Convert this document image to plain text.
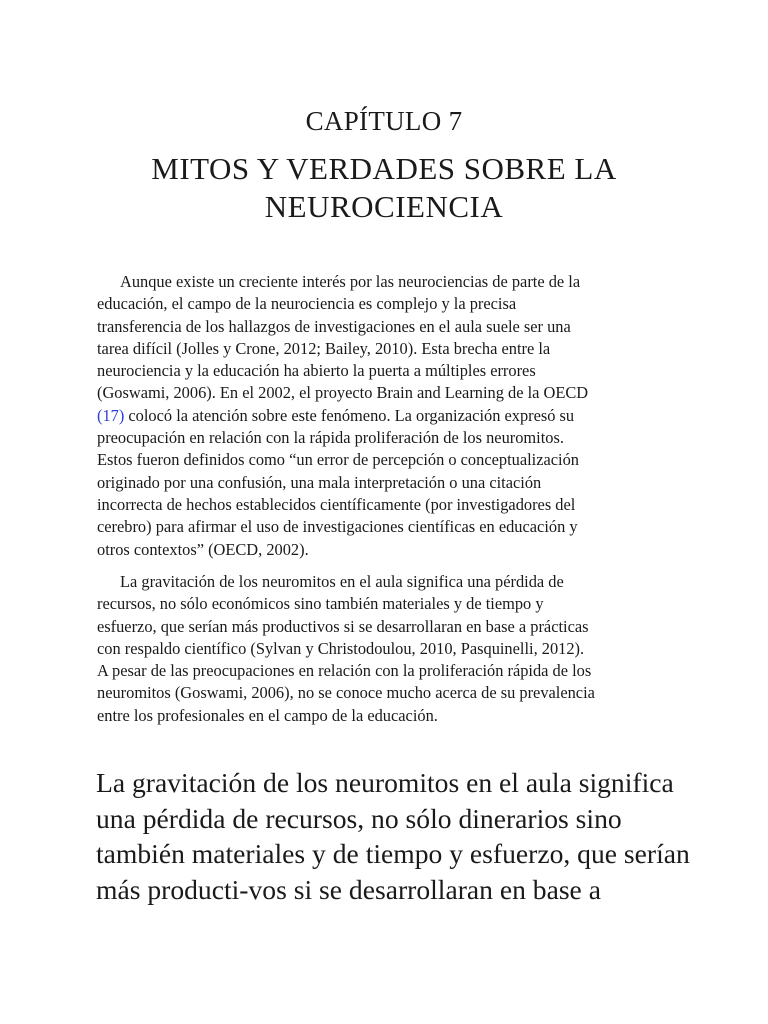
CAPÍTULO 7
MITOS Y VERDADES SOBRE LA
NEUROCIENCIA

Aunque existe un creciente interés por las neurociencias de parte de la
educación, el campo de la neurociencia es complejo y la precisa
transferencia de los hallazgos de investigaciones en el aula suele ser una
tarea difícil (Jolles y Crone, 2012; Bailey, 2010). Esta brecha entre la
neurociencia y la educación ha abierto la puerta a múltiples errores
(Goswami, 2006). En el 2002, el proyecto Brain and Learning de la OECD
(17) colocó la atención sobre este fenómeno. La organización expresó su
preocupación en relación con la rápida proliferación de los neuromitos.
Estos fueron definidos como “un error de percepción o conceptualización
originado por una confusión, una mala interpretación o una citación
incorrecta de hechos establecidos científicamente (por investigadores del
cerebro) para afirmar el uso de investigaciones científicas en educación y
otros contextos” (OECD, 2002).

La gravitación de los neuromitos en el aula significa una pérdida de
recursos, no sólo económicos sino también materiales y de tiempo y
esfuerzo, que serían más productivos si se desarrollaran en base a prácticas
con respaldo científico (Sylvan y Christodoulou, 2010, Pasquinelli, 2012).
A pesar de las preocupaciones en relación con la proliferación rápida de los
neuromitos (Goswami, 2006), no se conoce mucho acerca de su prevalencia
entre los profesionales en el campo de la educación.

La gravitación de los neuromitos en el aula significa
una pérdida de recursos, no sólo dinerarios sino
también materiales y de tiempo y esfuerzo, que serían
más producti-vos si se desarrollaran en base a
